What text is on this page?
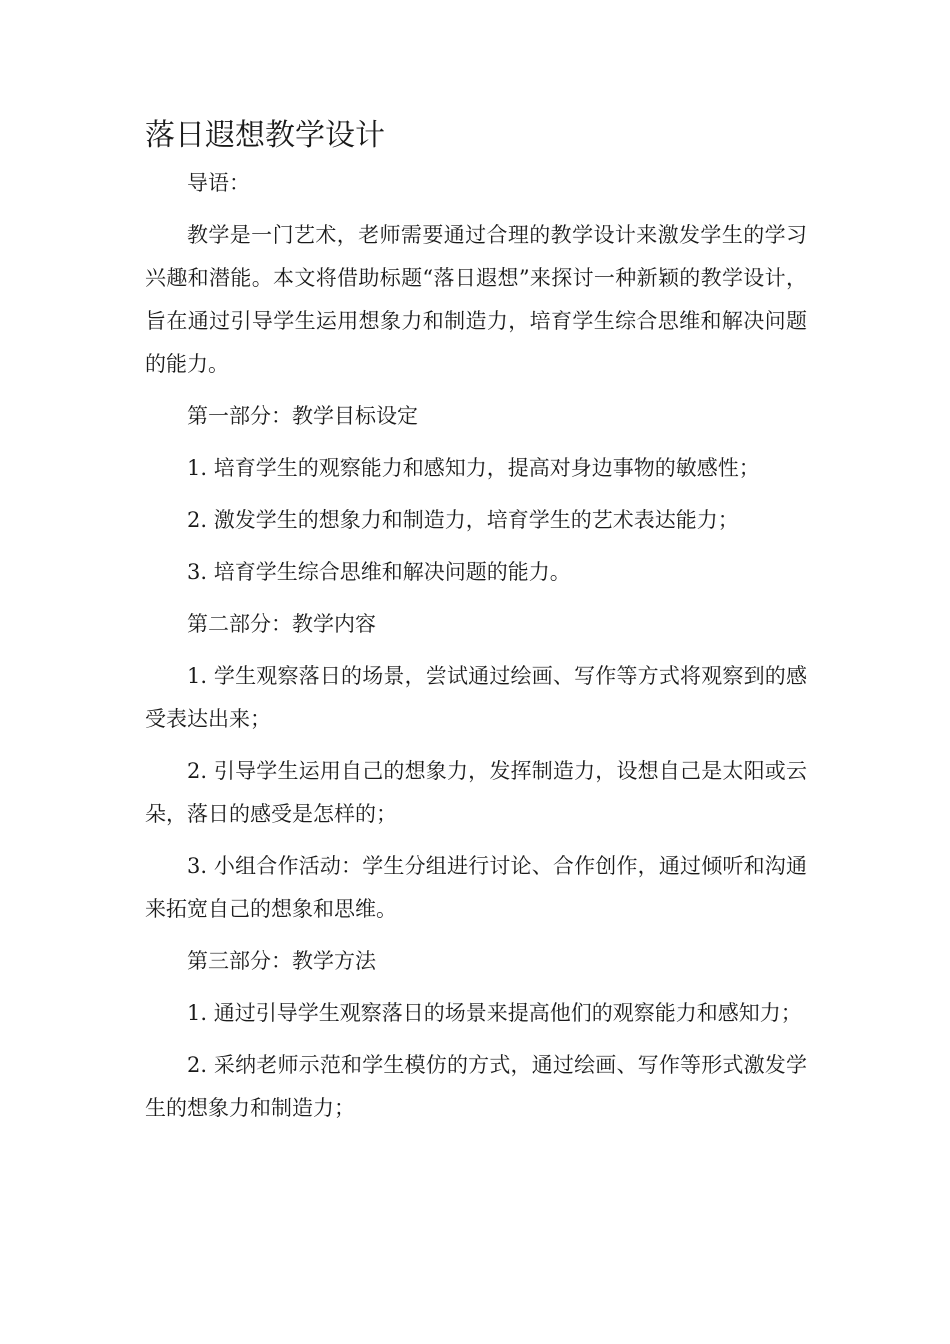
落日遐想教学设计

导语：

教学是一门艺术，老师需要通过合理的教学设计来激发学生的学习兴趣和潜能。本文将借助标题“落日遐想”来探讨一种新颖的教学设计，旨在通过引导学生运用想象力和制造力，培育学生综合思维和解决问题的能力。

第一部分：教学目标设定

1. 培育学生的观察能力和感知力，提高对身边事物的敏感性；

2. 激发学生的想象力和制造力，培育学生的艺术表达能力；

3. 培育学生综合思维和解决问题的能力。

第二部分：教学内容

1. 学生观察落日的场景，尝试通过绘画、写作等方式将观察到的感受表达出来；

2. 引导学生运用自己的想象力，发挥制造力，设想自己是太阳或云朵，落日的感受是怎样的；

3. 小组合作活动：学生分组进行讨论、合作创作，通过倾听和沟通来拓宽自己的想象和思维。

第三部分：教学方法

1. 通过引导学生观察落日的场景来提高他们的观察能力和感知力；

2. 采纳老师示范和学生模仿的方式，通过绘画、写作等形式激发学生的想象力和制造力；
